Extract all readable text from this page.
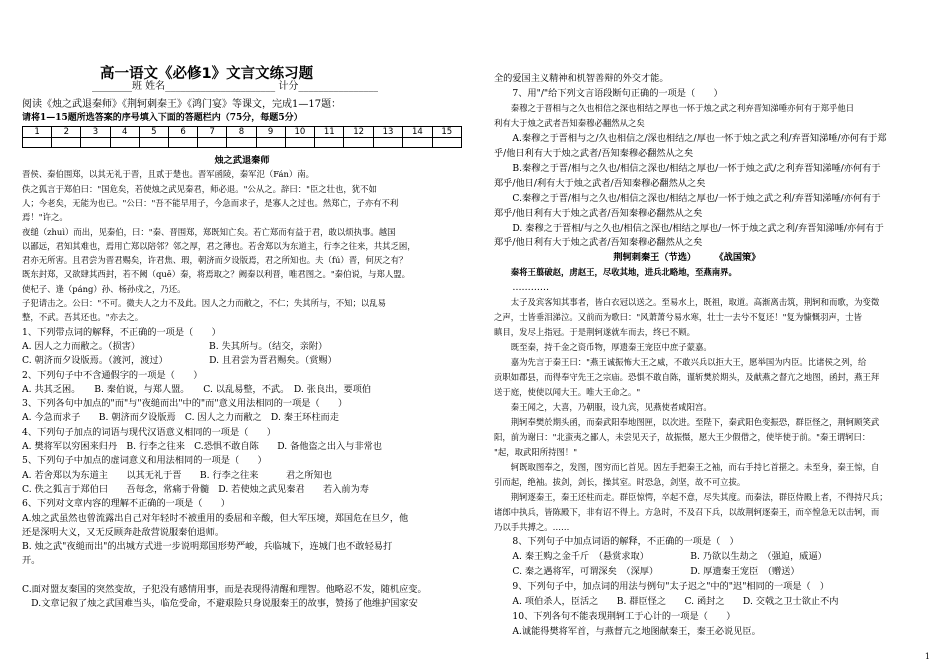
高一语文《必修1》文言文练习题
________班 姓名______________________ 计分________________
阅读《烛之武退秦师》《荆轲刺秦王》《鸿门宴》等课文，完成1—17题：
请将1—15题所选答案的序号填入下面的答题栏内（75分，每题5分）
1	2	3	4	5	6	7	8	9	10	11	12	13	14	15

烛之武退秦师
晋侯、秦伯围郑，以其无礼于晋，且贰于楚也。晋军函陵，秦军氾（Fán）南。
佚之狐言于郑伯曰："国危矣，若使烛之武见秦君，师必退。"公从之。辞曰："臣之壮也，犹不如
人；今老矣，无能为也已。"公曰："吾不能早用子，今急而求子，是寡人之过也。然郑亡，子亦有不利
焉！"许之。
夜缒（zhuì）而出，见秦伯，曰："秦、晋围郑，郑既知亡矣。若亡郑而有益于君，敢以烦执事。越国
以鄙远，君知其难也，焉用亡郑以陪邻？邻之厚，君之薄也。若舍郑以为东道主，行李之往来，共其乏困，
君亦无所害。且君尝为晋君赐矣，许君焦、瑕，朝济而夕设版焉，君之所知也。夫（fú）晋，何厌之有？
既东封郑，又欲肆其西封，若不阙（quē）秦，将焉取之？阙秦以利晋，唯君图之。"秦伯说，与郑人盟。
使杞子、逢（páng）孙、杨孙戍之，乃还。
子犯请击之。公曰："不可。微夫人之力不及此。因人之力而敝之，不仁；失其所与，不知；以乱易
整，不武。吾其还也。"亦去之。
1、下列带点词的解释，不正确的一项是（　　）
A. 因人之力而敝之。（损害）　　　　　　　　B. 失其所与。（结交，亲附）
C. 朝济而夕设版焉。（渡河，渡过）　　　　　D. 且君尝为晋君赐矣。（赏赐）
2、下列句子中不含通假字的一项是（　　）
A. 共其乏困。　　B. 秦伯说，与郑人盟。　　C. 以乱易整，不武。　D. 张良出，要项伯
3、下列各句中加点的"而"与"夜缒而出"中的"而"意义用法相同的一项是（　　）
A. 今急而求子　　B. 朝济而夕设版焉　C. 因人之力而敝之　D. 秦王环柱而走
4、下列句子加点的词语与现代汉语意义相同的一项是（　　）
A. 樊将军以穷困来归丹　B. 行李之往来　C.恐惧不敢自陈　　D. 备他盗之出入与非常也
5、下列句子中加点的虚词意义和用法相同的一项是（　　）
A. 若舍郑以为东道主　　以其无礼于晋　　B. 行李之往来　　　君之所知也
C. 佚之狐言于郑伯曰　　吾每念，常痛于骨髓　D. 若使烛之武见秦君　　若入前为寿
6、下列对文章内容的理解不正确的一项是（　　）
A.烛之武虽然也曾流露出自己对年轻时不被重用的委屈和辛酸，但大军压境，郑国危在旦夕，他
还是深明大义，又无反顾奔赴敌营说服秦伯退师。
B. 烛之武"夜缒而出"的出城方式进一步说明郑国形势严峻，兵临城下，连城门也不敢轻易打
开。
C.面对盟友秦国的突然变故，子犯没有感情用事，而是表现得清醒和理智。他略忍不发，随机应变。
　D.文章记叙了烛之武国难当头，临危受命，不避艰险只身说服秦王的故事，赞扬了他维护国家安
全的爱国主义精神和机智善辩的外交才能。
　　7、用"/"给下列文言语段断句正确的一项是（　　）
　　秦穆之于晋相与之久也相信之深也相结之厚也一怀于烛之武之利弃晋知涕唾亦何有于郑乎他日
利有大于烛之武者吾知秦穆必翻然从之矣
　　A.秦穆之于晋相与之/久也相信之/深也相结之/厚也一怀于烛之武之利/弃晋知涕唾/亦何有于郑
乎/他日利有大于烛之武者/吾知秦穆必翻然从之矣
　　B.秦穆之于晋/相与之久也/相信之深也/相结之厚也/一怀于烛之武/之利弃晋知涕唾/亦何有于
郑乎/他日/利有大于烛之武者/吾知秦穆必翻然从之矣
　　C.秦穆之于晋/相与之久也/相信之深也/相结之厚也/一怀于烛之武之利/弃晋知涕唾/亦何有于
郑乎/他日利有大于烛之武者/吾知秦穆必翻然从之矣
　　D. 秦穆之于晋相/与之久也/相信之深也/相结之厚也/一怀于烛之武之利/弃晋知涕唾/亦何有于
郑乎/他日利有大于烛之武者/吾知秦穆必翻然从之矣
　　　　　　　　　　　　　荆轲刺秦王（节选）　　　《战国策》
　　秦将王翦破赵，虏赵王，尽收其地，进兵北略地，至燕南界。
　　…………
　　太子及宾客知其事者，皆白衣冠以送之。至易水上，既祖，取道。高渐离击筑，荆轲和而歌，为变徵
之声，士皆垂泪涕泣。又前而为歌曰："风萧萧兮易水寒，壮士一去兮不复还！"复为慷慨羽声，士皆
瞋目，发尽上指冠。于是荆轲遂就车而去，终已不顾。
　　既至秦，持千金之资币物，厚遗秦王宠臣中庶子蒙嘉。
　　嘉为先言于秦王曰："燕王诚振怖大王之威，不敢兴兵以拒大王，愿举国为内臣。比诸侯之列，给
贡职如郡县，而得奉守先王之宗庙。恐惧不敢自陈，谨斩樊於期头，及献燕之督亢之地图，函封，燕王拜
送于庭，使使以闻大王。唯大王命之。"
　　秦王闻之，大喜，乃朝服，设九宾，见燕使者咸阳宫。
　　荆轲奉樊於期头函，而秦武阳奉地图匣，以次进。至陛下，秦武阳色变振恐，群臣怪之，荆轲顾笑武
阳，前为谢曰："北蛮夷之鄙人，未尝见天子，故振慑，愿大王少假借之，使毕使于前。"秦王谓轲曰：
"起，取武阳所持图！"
　　轲既取图奉之，发图，图穷而匕首见。因左手把秦王之袖，而右手持匕首揕之。未至身，秦王惊，自
引而起，绝袖。拔剑，剑长，操其室。时恐急，剑坚，故不可立拔。
　　荆轲逐秦王，秦王还柱而走。群臣惊愕，卒起不意，尽失其度。而秦法，群臣侍殿上者，不得持尺兵；
诸郎中执兵，皆陈殿下，非有诏不得上。方急时，不及召下兵，以故荆轲逐秦王，而卒惶急无以击轲，而
乃以手共搏之。……
　　8、下列句子中加点词语的解释，不正确的一项是（　）
　　A. 秦王购之金千斤　（悬赏求取）　　　　　B. 乃欲以生劫之　（强迫，威逼）
　　C. 秦之遇将军，可谓深矣　（深厚）　　　　D. 厚遗秦王宠臣　（赠送）
　　9、下列句子中，加点词的用法与例句"太子迟之"中的"迟"相同的一项是（　）
　　A. 项伯杀人，臣活之　　B. 群臣怪之　　C. 函封之　　D. 交戟之卫士欲止不内
　　10、下列各句不能表现荆轲工于心计的一项是（　　）
　　A.诚能得樊将军首，与燕督亢之地图献秦王，秦王必说见臣。
1
